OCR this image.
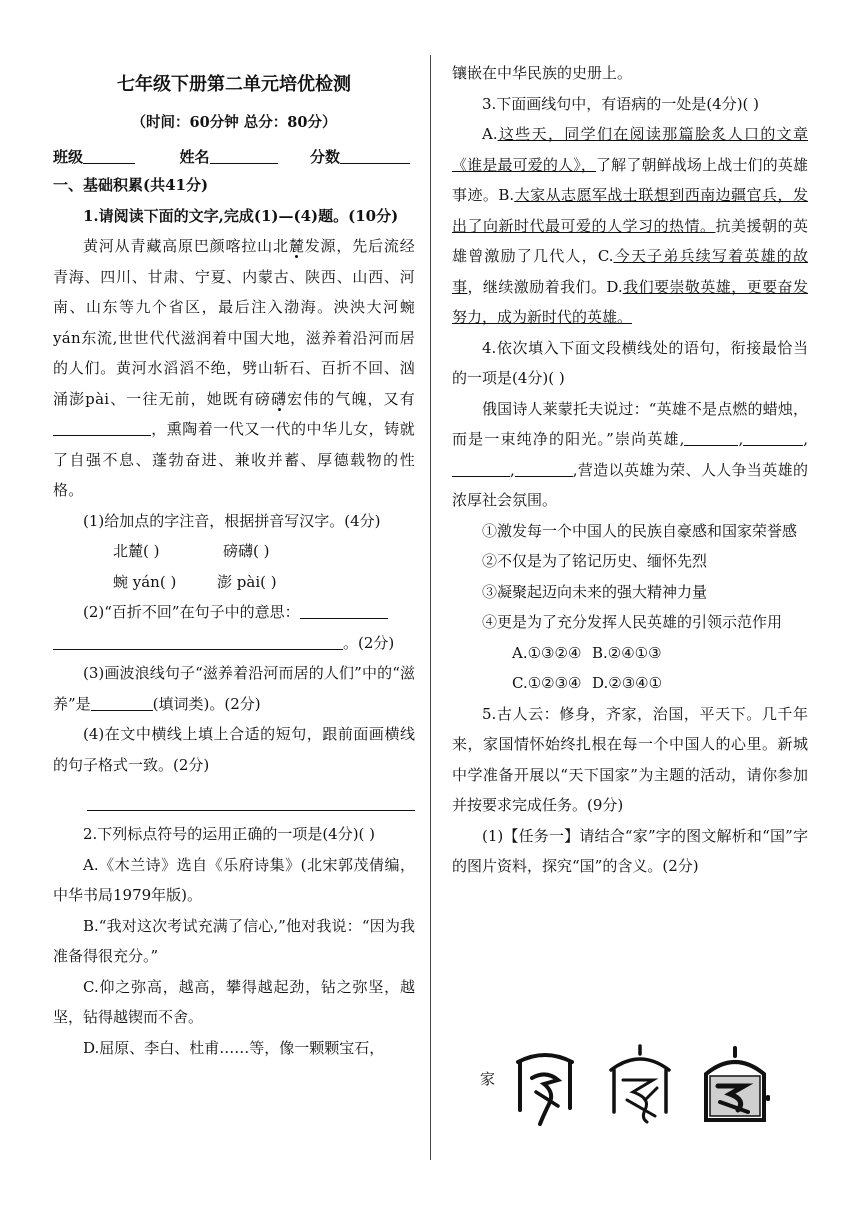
七年级下册第二单元培优检测
（时间：60分钟 总分：80分）
班级	姓名	分数

一、基础积累(共41分)

1.请阅读下面的文字,完成(1)—(4)题。(10分)

黄河从青藏高原巴颜喀拉山北麓发源，先后流经青海、四川、甘肃、宁夏、内蒙古、陕西、山西、河南、山东等九个省区，最后注入渤海。泱泱大河蜿yán东流,世世代代滋润着中国大地，滋养着沿河而居的人们。黄河水滔滔不绝，劈山斩石、百折不回、汹涌澎pài、一往无前，她既有磅礴宏伟的气魄，又有，熏陶着一代又一代的中华儿女，铸就了自强不息、蓬勃奋进、兼收并蓄、厚德载物的性格。

(1)给加点的字注音，根据拼音写汉字。(4分)

北麓( )	磅礴( )

蜿 yán( )	澎 pài( )

(2)“百折不回”在句子中的意思：

。(2分)

(3)画波浪线句子“滋养着沿河而居的人们”中的“滋养”是	(填词类)。(2分)

(4)在文中横线上填上合适的短句，跟前面画横线的句子格式一致。(2分)

2.下列标点符号的运用正确的一项是(4分)( )

A.《木兰诗》选自《乐府诗集》(北宋郭茂倩编，中华书局1979年版)。

B.“我对这次考试充满了信心,”他对我说：“因为我准备得很充分。”

C.仰之弥高，越高，攀得越起劲，钻之弥坚，越坚，钻得越锲而不舍。

D.屈原、李白、杜甫……等，像一颗颗宝石，

镶嵌在中华民族的史册上。

3.下面画线句中，有语病的一处是(4分)( )

A.这些天，同学们在阅读那篇脍炙人口的文章《谁是最可爱的人》，了解了朝鲜战场上战士们的英雄事迹。B.大家从志愿军战士联想到西南边疆官兵，发出了向新时代最可爱的人学习的热情。抗美援朝的英雄曾激励了几代人，C.今天子弟兵续写着英雄的故事，继续激励着我们。D.我们要崇敬英雄，更要奋发努力，成为新时代的英雄。

4.依次填入下面文段横线处的语句，衔接最恰当的一项是(4分)( )

俄国诗人莱蒙托夫说过：“英雄不是点燃的蜡烛，而是一束纯净的阳光。”崇尚英雄,	,	,,	,营造以英雄为荣、人人争当英雄的浓厚社会氛围。

①激发每一个中国人的民族自豪感和国家荣誉感

②不仅是为了铭记历史、缅怀先烈

③凝聚起迈向未来的强大精神力量

④更是为了充分发挥人民英雄的引领示范作用

A.①③②④ B.②④①③

C.①②③④ D.②③④①

5.古人云：修身，齐家，治国，平天下。几千年来，家国情怀始终扎根在每一个中国人的心里。新城中学准备开展以“天下国家”为主题的活动，请你参加并按要求完成任务。(9分)

(1)【任务一】请结合“家”字的图文解析和“国”字的图片资料，探究“国”的含义。(2分)

家
